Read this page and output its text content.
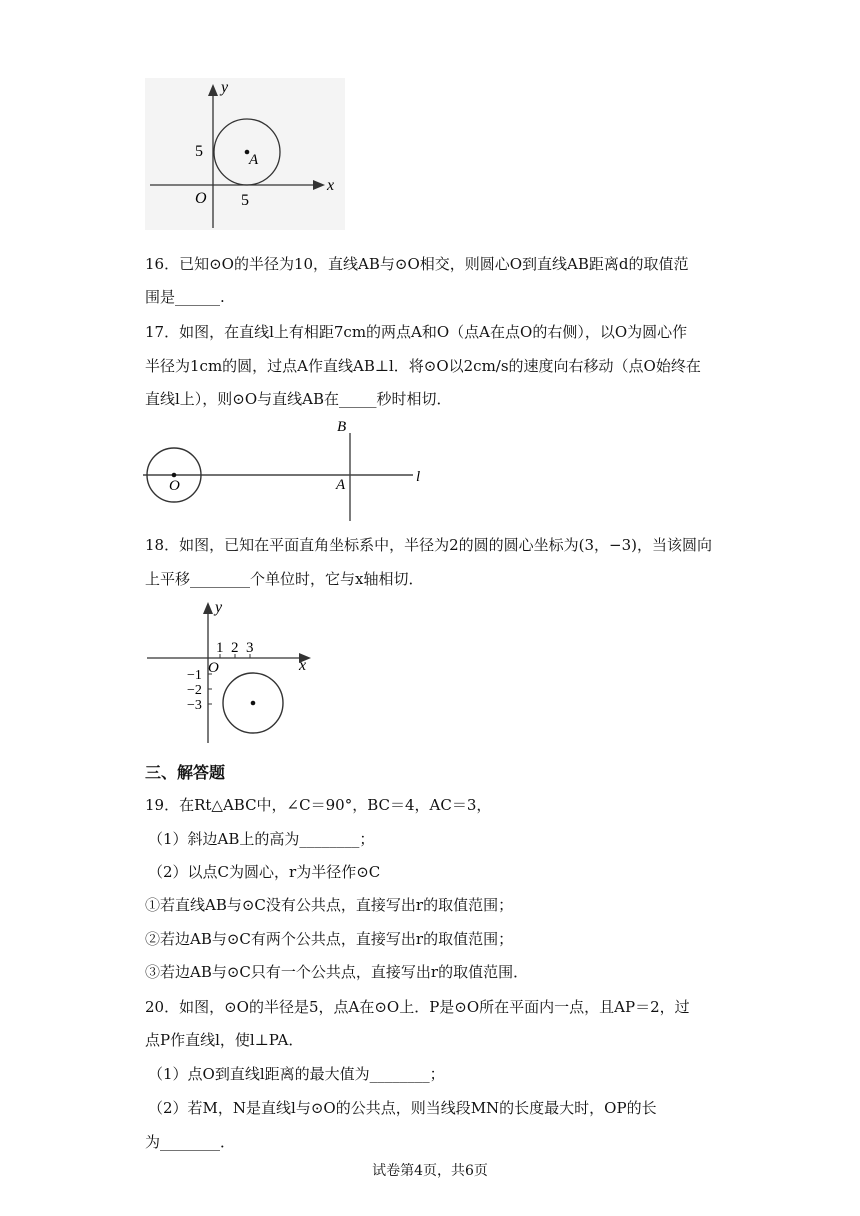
y
x
5	A
O 5
16．已知⊙O的半径为10，直线AB与⊙O相交，则圆心O到直线AB距离d的取值范
围是______.
17．如图，在直线l上有相距7cm的两点A和O（点A在点O的右侧），以O为圆心作
半径为1cm的圆，过点A作直线AB⊥l．将⊙O以2cm/s的速度向右移动（点O始终在
直线l上），则⊙O与直线AB在_____秒时相切．
B
A	l
O
18．如图，已知在平面直角坐标系中，半径为2的圆的圆心坐标为(3，−3)，当该圆向
上平移________个单位时，它与x轴相切．
y
x
O
1 2 3
−1
−2
−3
三、解答题
19．在Rt△ABC中，∠C＝90°，BC＝4，AC＝3，
（1）斜边AB上的高为________；
（2）以点C为圆心，r为半径作⊙C
①若直线AB与⊙C没有公共点，直接写出r的取值范围；
②若边AB与⊙C有两个公共点，直接写出r的取值范围；
③若边AB与⊙C只有一个公共点，直接写出r的取值范围．
20．如图，⊙O的半径是5，点A在⊙O上．P是⊙O所在平面内一点，且AP＝2，过
点P作直线l，使l⊥PA．
（1）点O到直线l距离的最大值为________；
（2）若M，N是直线l与⊙O的公共点，则当线段MN的长度最大时，OP的长
为________．
试卷第4页，共6页
